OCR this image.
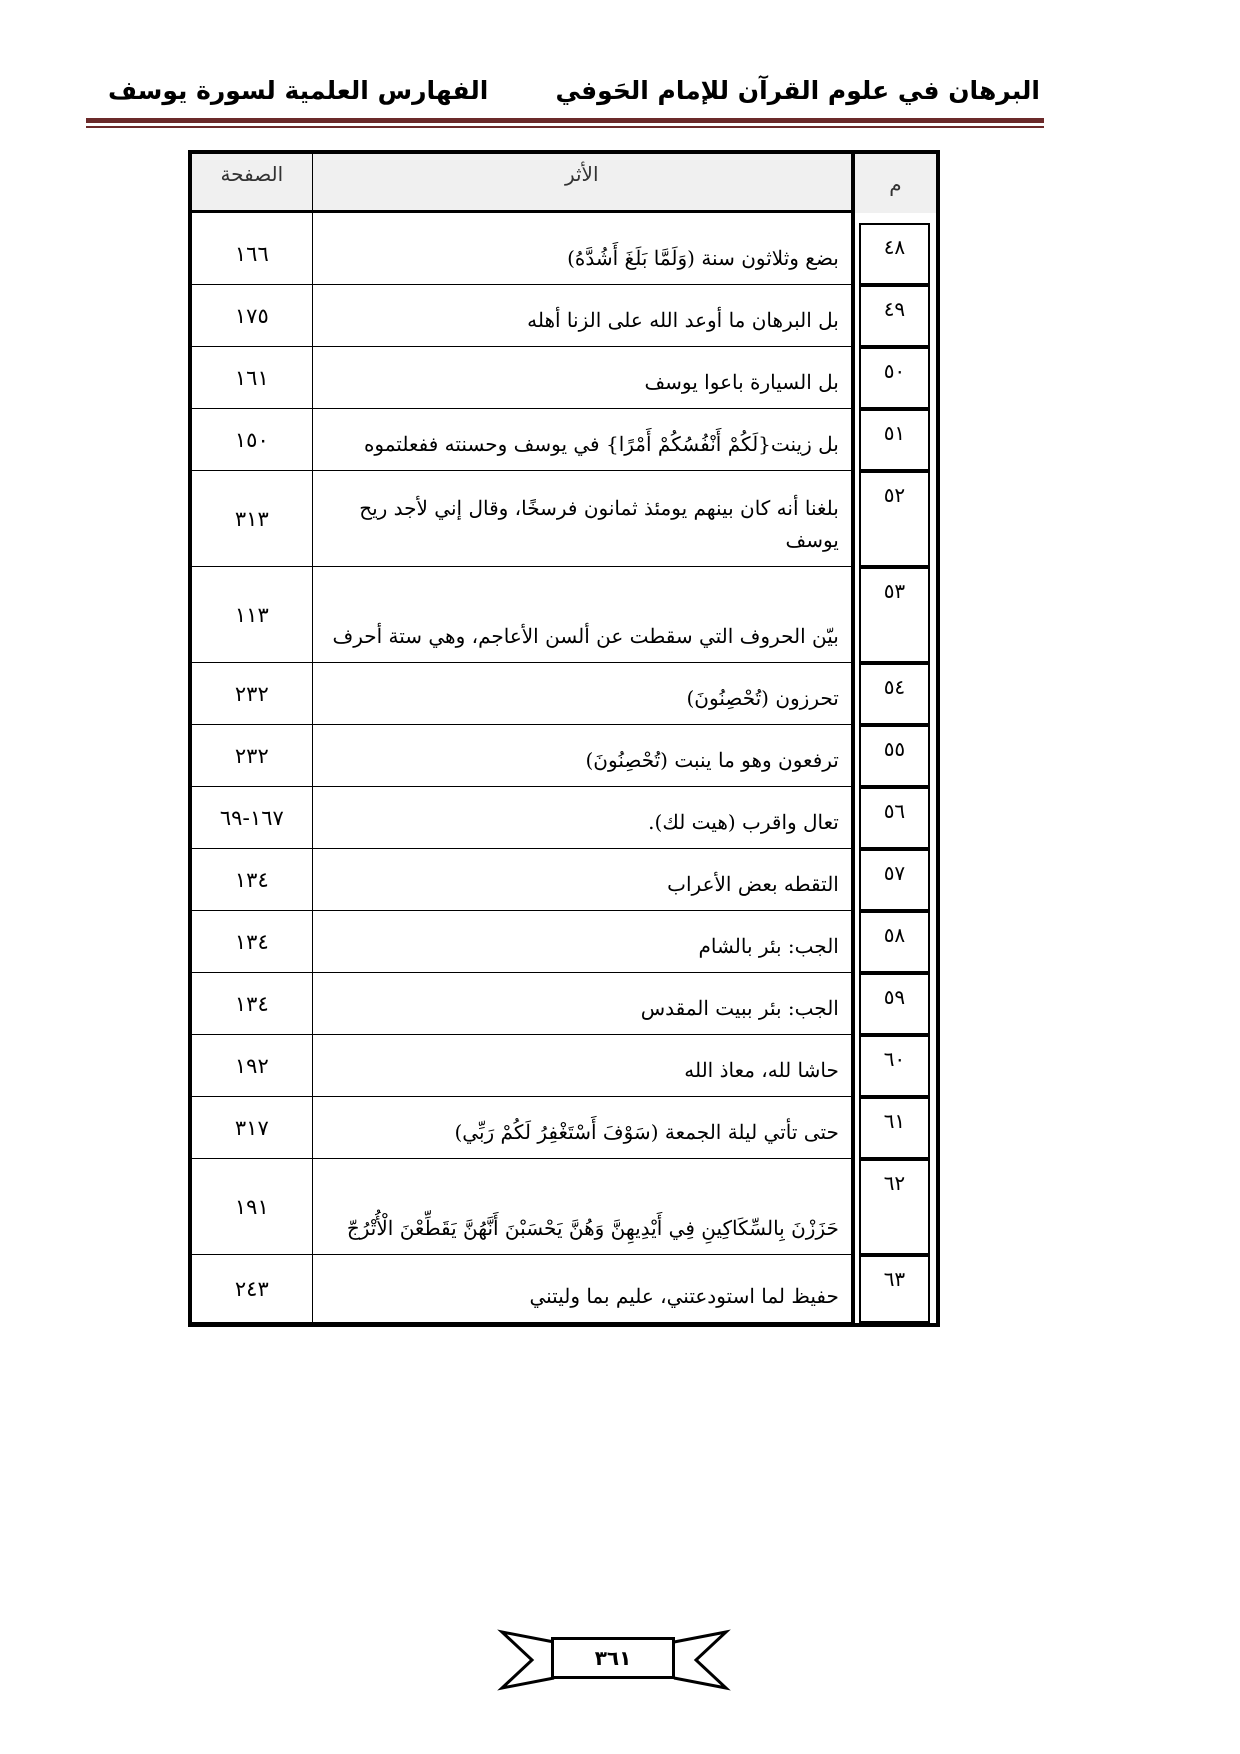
البرهان في علوم القرآن للإمام الحَوفي
الفهارس العلمية لسورة يوسف
م	الأثر	الصفحة

٤٨	بضع وثلاثون سنة (وَلَمَّا بَلَغَ أَشُدَّهُ)	١٦٦

٤٩	بل البرهان ما أوعد الله على الزنا أهله	١٧٥

٥٠	بل السيارة باعوا يوسف	١٦١

٥١	بل زينت{لَكُمْ أَنْفُسُكُمْ أَمْرًا} في يوسف وحسنته ففعلتموه	١٥٠

٥٢	بلغنا أنه كان بينهم يومئذ ثمانون فرسخًا، وقال إني لأجد ريح يوسف	٣١٣

٥٣	بيّن الحروف التي سقطت عن ألسن الأعاجم، وهي ستة أحرف	١١٣

٥٤	تحرزون (تُحْصِنُونَ)	٢٣٢

٥٥	ترفعون وهو ما ينبت (تُحْصِنُونَ)	٢٣٢

٥٦	تعال واقرب (هيت لك).	١٦٧-٦٩

٥٧	التقطه بعض الأعراب	١٣٤

٥٨	الجب: بئر بالشام	١٣٤

٥٩	الجب: بئر ببيت المقدس	١٣٤

٦٠	حاشا لله، معاذ الله	١٩٢

٦١	حتى تأتي ليلة الجمعة (سَوْفَ أَسْتَغْفِرُ لَكُمْ رَبِّي)	٣١٧

٦٢	حَزَزْنَ بِالسِّكَاكِينِ فِي أَيْدِيهِنَّ وَهُنَّ يَحْسَبْنَ أَنَّهُنَّ يَقَطِّعْنَ الْأُتْرُجّ	١٩١

٦٣	حفيظ لما استودعتني، عليم بما وليتني	٢٤٣
٣٦١
